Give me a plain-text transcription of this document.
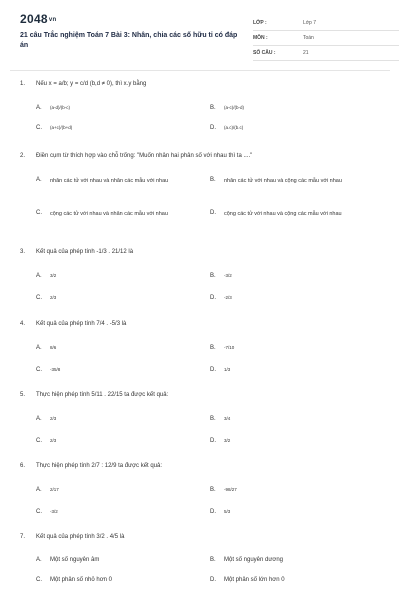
2048vn
21 câu Trắc nghiệm Toán 7 Bài 3: Nhân, chia các số hữu tỉ có đáp án
LỚP :	Lớp 7
MÔN :	Toán
SỐ CÂU :	21
1. Nếu x = a/b; y = c/d (b,d ≠ 0), thì x.y bằng
A. (a-d)/(b-c)	B. (a-c)/(b-d)
C. (a+c)/(b+d)	D. (a.c)/(b.c)
2. Điền cụm từ thích hợp vào chỗ trống: "Muốn nhân hai phân số với nhau thì ta ...."
A. nhân các tử với nhau và nhân các mẫu với nhau	B. nhân các tử với nhau và cộng các mẫu với nhau
C. cộng các tử với nhau và nhân các mẫu với nhau	D. cộng các tử với nhau và cộng các mẫu với nhau
3. Kết quả của phép tính -1/3 . 21/12 là
A. 3/2	B. -3/2
C. 2/3	D. -2/3
4. Kết quả của phép tính 7/4 . -5/3 là
A. 8/6	B. -7/10
C. -35/8	D. 1/3
5. Thực hiện phép tính 5/11 . 22/15 ta được kết quả:
A. 2/3	B. 3/4
C. 2/3	D. 3/2
6. Thực hiện phép tính 2/7 : 12/9 ta được kết quả:
A. 2/17	B. -98/27
C. -3/2	D. 5/3
7. Kết quả của phép tính 3/2 . 4/5 là
A. Một số nguyên âm	B. Một số nguyên dương
C. Một phân số nhỏ hơn 0	D. Một phân số lớn hơn 0
